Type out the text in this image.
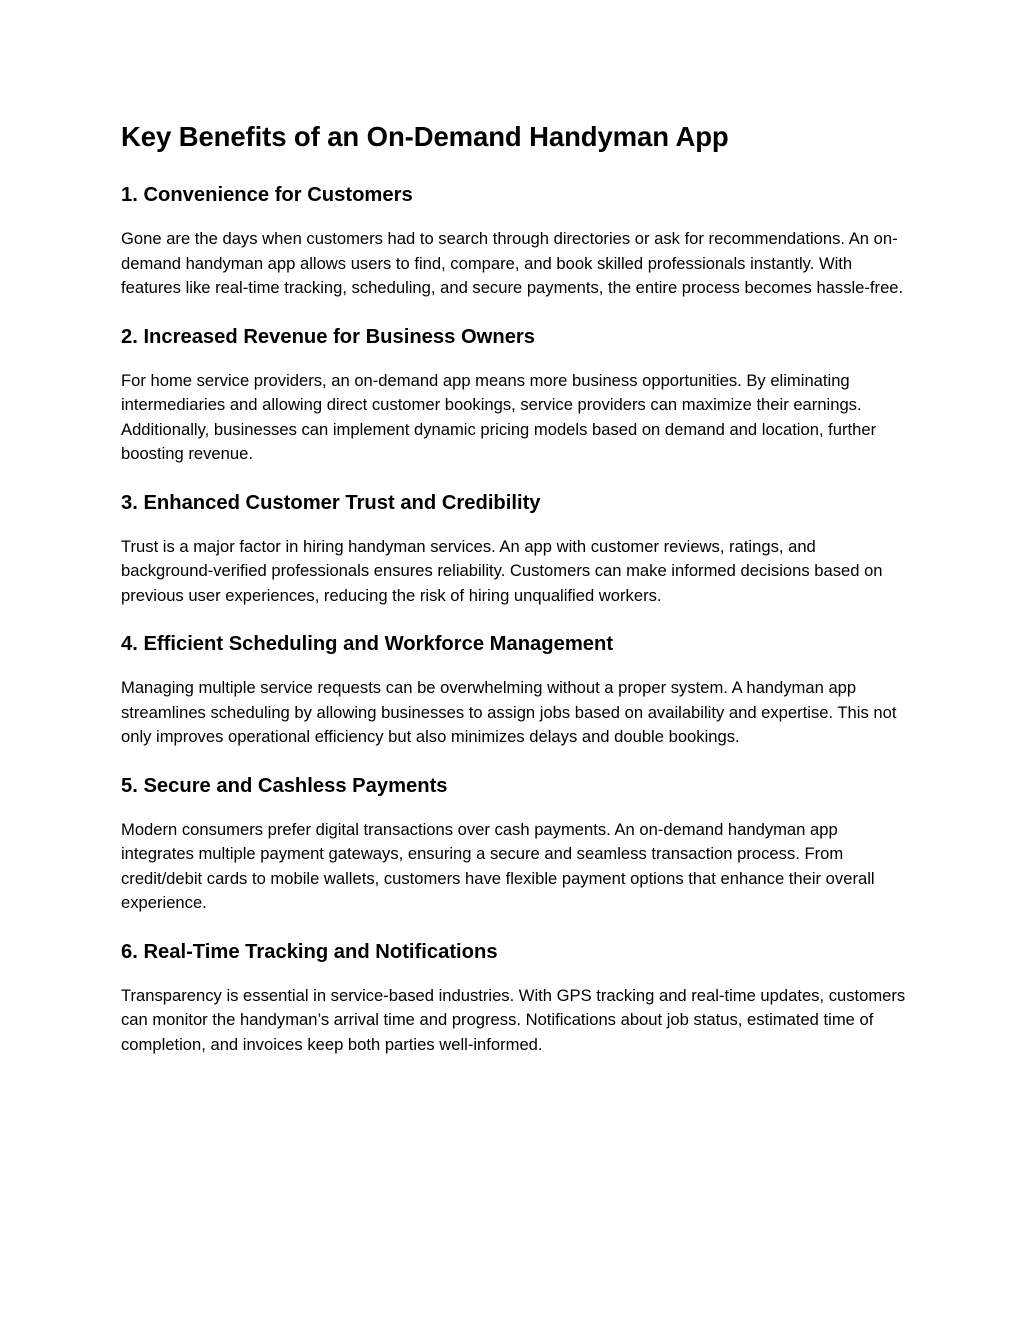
Key Benefits of an On-Demand Handyman App
1. Convenience for Customers

Gone are the days when customers had to search through directories or ask for recommendations. An on-demand handyman app allows users to find, compare, and book skilled professionals instantly. With features like real-time tracking, scheduling, and secure payments, the entire process becomes hassle-free.

2. Increased Revenue for Business Owners

For home service providers, an on-demand app means more business opportunities. By eliminating intermediaries and allowing direct customer bookings, service providers can maximize their earnings. Additionally, businesses can implement dynamic pricing models based on demand and location, further boosting revenue.

3. Enhanced Customer Trust and Credibility

Trust is a major factor in hiring handyman services. An app with customer reviews, ratings, and background-verified professionals ensures reliability. Customers can make informed decisions based on previous user experiences, reducing the risk of hiring unqualified workers.

4. Efficient Scheduling and Workforce Management

Managing multiple service requests can be overwhelming without a proper system. A handyman app streamlines scheduling by allowing businesses to assign jobs based on availability and expertise. This not only improves operational efficiency but also minimizes delays and double bookings.

5. Secure and Cashless Payments

Modern consumers prefer digital transactions over cash payments. An on-demand handyman app integrates multiple payment gateways, ensuring a secure and seamless transaction process. From credit/debit cards to mobile wallets, customers have flexible payment options that enhance their overall experience.

6. Real-Time Tracking and Notifications

Transparency is essential in service-based industries. With GPS tracking and real-time updates, customers can monitor the handyman’s arrival time and progress. Notifications about job status, estimated time of completion, and invoices keep both parties well-informed.
